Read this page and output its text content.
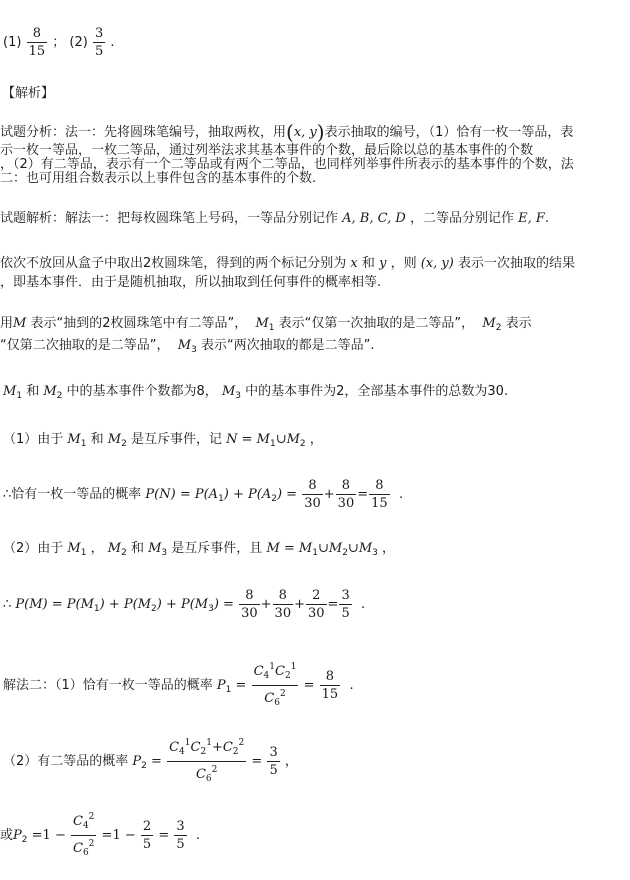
$(1) \frac{8}{15}$ ； $(2) \frac{3}{5}$ .
【解析】
试题分析：法一：先将圆珠笔编号，抽取两枚，用(x, y)表示抽取的编号，（1）恰有一枚一等品，表
示一枚一等品，一枚二等品，通过列举法求其基本事件的个数，最后除以总的基本事件的个数
，（2）有二等品，表示有一个二等品或有两个二等品，也同样列举事件所表示的基本事件的个数，法
二：也可用组合数表示以上事件包含的基本事件的个数.
试题解析：解法一：把每枚圆珠笔上号码，一等品分别记作 A, B, C, D ，二等品分别记作 E, F.
依次不放回从盒子中取出2枚圆珠笔，得到的两个标记分别为 x 和 y ，则 (x, y) 表示一次抽取的结果
，即基本事件．由于是随机抽取，所以抽取到任何事件的概率相等.
用M 表示“抽到的2枚圆珠笔中有二等品”， $M_1$ 表示“仅第一次抽取的是二等品”， $M_2$ 表示
“仅第二次抽取的是二等品”， $M_3$ 表示“两次抽取的都是二等品”.
$M_1$ 和 $M_2$ 中的基本事件个数都为8， $M_3$ 中的基本事件为2，全部基本事件的总数为30.
（1）由于 $M_1$ 和 $M_2$ 是互斥事件，记 $N = M_1\cup M_2$ ，
∴恰有一枚一等品的概率 $P(N) = P(A_1) + P(A_2) = \frac{8}{30} + \frac{8}{30} = \frac{8}{15}$ .
（2）由于 $M_1$ ， $M_2$ 和 $M_3$ 是互斥事件，且 $M = M_1\cup M_2\cup M_3$ ，
∴ $P(M) = P(M_1) + P(M_2) + P(M_3) = \frac{8}{30} + \frac{8}{30} + \frac{2}{30} = \frac{3}{5}$ .
解法二：（1）恰有一枚一等品的概率 $P_1 = \frac{C_4^1C_2^1}{C_6^2} = \frac{8}{15}$ .
（2）有二等品的概率 $P_2 = \frac{C_4^1C_2^1+C_2^2}{C_6^2} = \frac{3}{5}$ ，
或$P_2 =1 - \frac{C_4^2}{C_6^2} =1 - \frac{2}{5} = \frac{3}{5}$ .
